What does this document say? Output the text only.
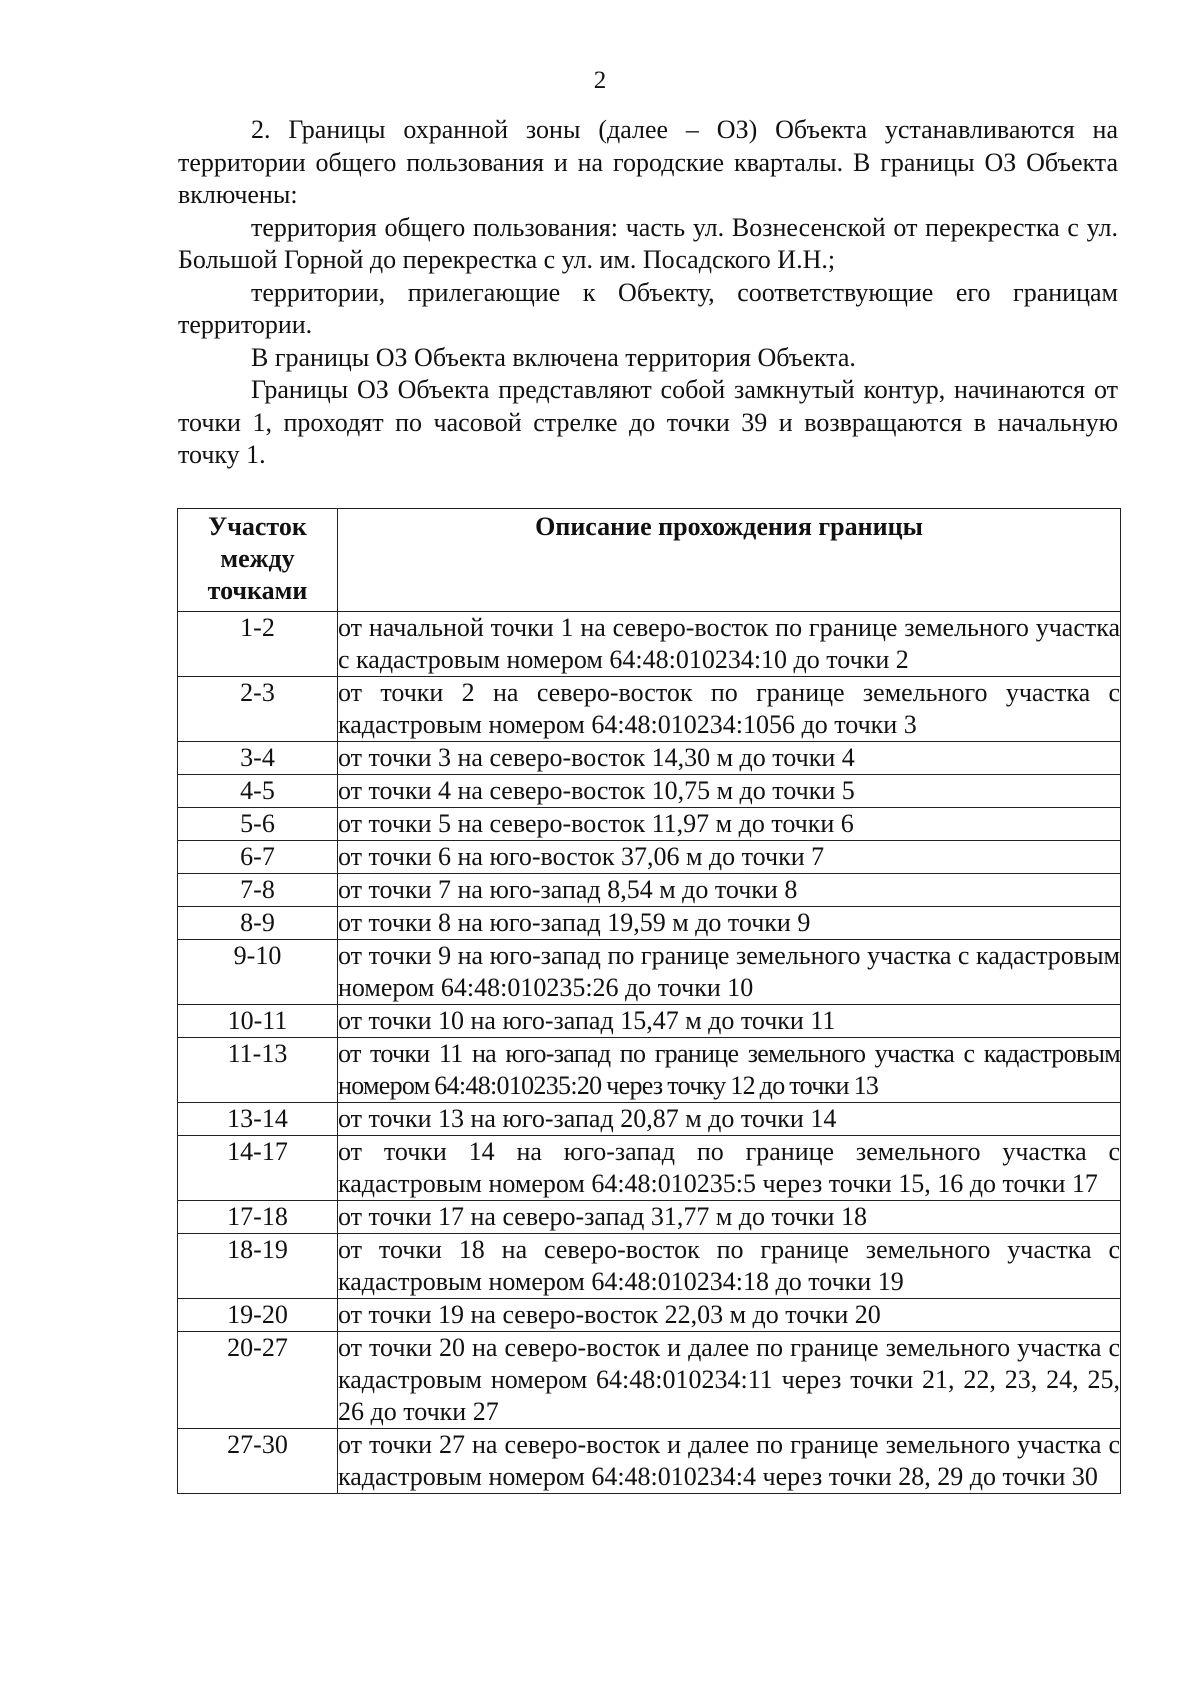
2

2. Границы охранной зоны (далее – ОЗ) Объекта устанавливаются на территории общего пользования и на городские кварталы. В границы ОЗ Объекта включены:

территория общего пользования: часть ул. Вознесенской от перекрестка с ул. Большой Горной до перекрестка с ул. им. Посадского И.Н.;

территории, прилегающие к Объекту, соответствующие его границам территории.

В границы ОЗ Объекта включена территория Объекта.

Границы ОЗ Объекта представляют собой замкнутый контур, начинаются от точки 1, проходят по часовой стрелке до точки 39 и возвращаются в начальную точку 1.

Участок между точками	Описание прохождения границы
1-2	от начальной точки 1 на северо-восток по границе земельного участка с кадастровым номером 64:48:010234:10 до точки 2
2-3	от точки 2 на северо-восток по границе земельного участка с кадастровым номером 64:48:010234:1056 до точки 3
3-4	от точки 3 на северо-восток 14,30 м до точки 4
4-5	от точки 4 на северо-восток 10,75 м до точки 5
5-6	от точки 5 на северо-восток 11,97 м до точки 6
6-7	от точки 6 на юго-восток 37,06 м до точки 7
7-8	от точки 7 на юго-запад 8,54 м до точки 8
8-9	от точки 8 на юго-запад 19,59 м до точки 9
9-10	от точки 9 на юго-запад по границе земельного участка с кадастровым номером 64:48:010235:26 до точки 10
10-11	от точки 10 на юго-запад 15,47 м до точки 11
11-13	от точки 11 на юго-запад по границе земельного участка с кадастровым номером 64:48:010235:20 через точку 12 до точки 13
13-14	от точки 13 на юго-запад 20,87 м до точки 14
14-17	от точки 14 на юго-запад по границе земельного участка с кадастровым номером 64:48:010235:5 через точки 15, 16 до точки 17
17-18	от точки 17 на северо-запад 31,77 м до точки 18
18-19	от точки 18 на северо-восток по границе земельного участка с кадастровым номером 64:48:010234:18 до точки 19
19-20	от точки 19 на северо-восток 22,03 м до точки 20
20-27	от точки 20 на северо-восток и далее по границе земельного участка с кадастровым номером 64:48:010234:11 через точки 21, 22, 23, 24, 25, 26 до точки 27
27-30	от точки 27 на северо-восток и далее по границе земельного участка с кадастровым номером 64:48:010234:4 через точки 28, 29 до точки 30
